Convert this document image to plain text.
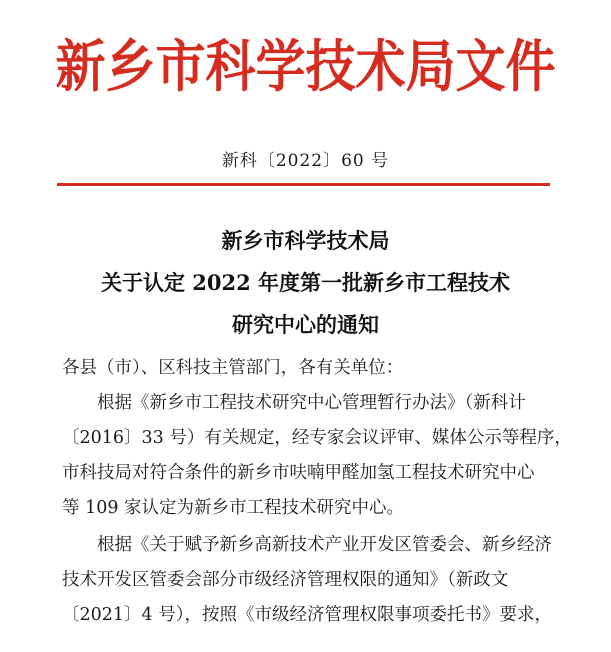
新乡市科学技术局文件
新科〔2022〕60 号
新乡市科学技术局
关于认定 2022 年度第一批新乡市工程技术
研究中心的通知
各县（市）、区科技主管部门，各有关单位：
根据《新乡市工程技术研究中心管理暂行办法》（新科计
〔2016〕33 号）有关规定，经专家会议评审、媒体公示等程序，
市科技局对符合条件的新乡市呋喃甲醛加氢工程技术研究中心
等 109 家认定为新乡市工程技术研究中心。
根据《关于赋予新乡高新技术产业开发区管委会、新乡经济
技术开发区管委会部分市级经济管理权限的通知》（新政文
〔2021〕4 号），按照《市级经济管理权限事项委托书》要求，
